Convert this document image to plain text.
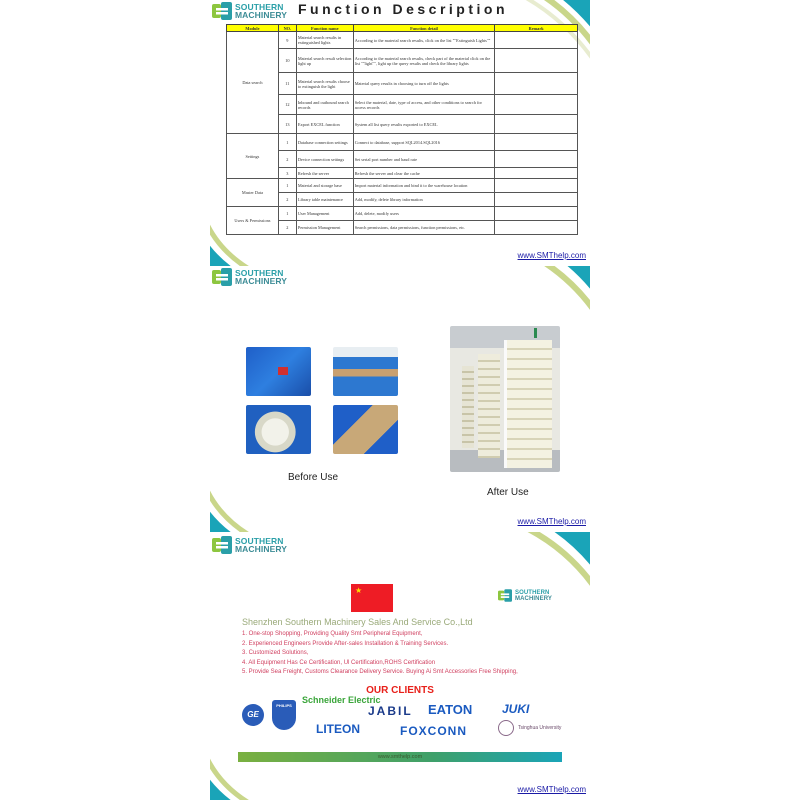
SOUTHERN
MACHINERY Function Description
Module	NO.	Function name	Function detail	Remark
Data search	9	Material search results in extinguished lights	According to the material search results, click on the list ""Extinguish Lights""	
	10	Material search result selection light up	According to the material search results, check part of the material click on the list ""light"", light up the query results and check the library lights	
	11	Material search results choose to extinguish the light	Material query results in choosing to turn off the lights	
	12	Inbound and outbound search records	Select the material, date, type of access, and other conditions to search for access records	
	13	Export EXCEL function	System all list query results exported to EXCEL	
Settings	1	Database connection settings	Connect to database, support SQL2014.SQL2016	
	2	Device connection settings	Set serial port number and baud rate	
	3	Refresh the server	Refresh the server and clear the cache	
Master Data	1	Material and storage base	Import material information and bind it to the warehouse location	
	2	Library table maintenance	Add, modify, delete library information	
Users & Permissions	1	User Management	Add, delete, modify users	
	2	Permission Management	Search permissions, data permissions, function permissions, etc.	
www.SMThelp.com
SOUTHERN
MACHINERY
Before Use
After Use
www.SMThelp.com
SOUTHERN
MACHINERY
★	SOUTHERN
MACHINERY
Shenzhen Southern Machinery Sales And Service Co.,Ltd
1. One-stop Shopping, Providing Quality Smt Peripheral Equipment,
2. Experienced Engineers Provide After-sales Installation & Training Services.
3. Customized Solutions,
4. All Equipment Has Ce Certification, Ul Certification,ROHS Certification
5. Provide Sea Freight, Customs Clearance Delivery Service. Buying Ai Smt Accessories Free Shipping,
OUR CLIENTS
GE
PHILIPS
Schneider Electric
JABIL EATON JUKI
LITEON	FOXCONN	Tsinghua University
www.smthelp.com
www.SMThelp.com
